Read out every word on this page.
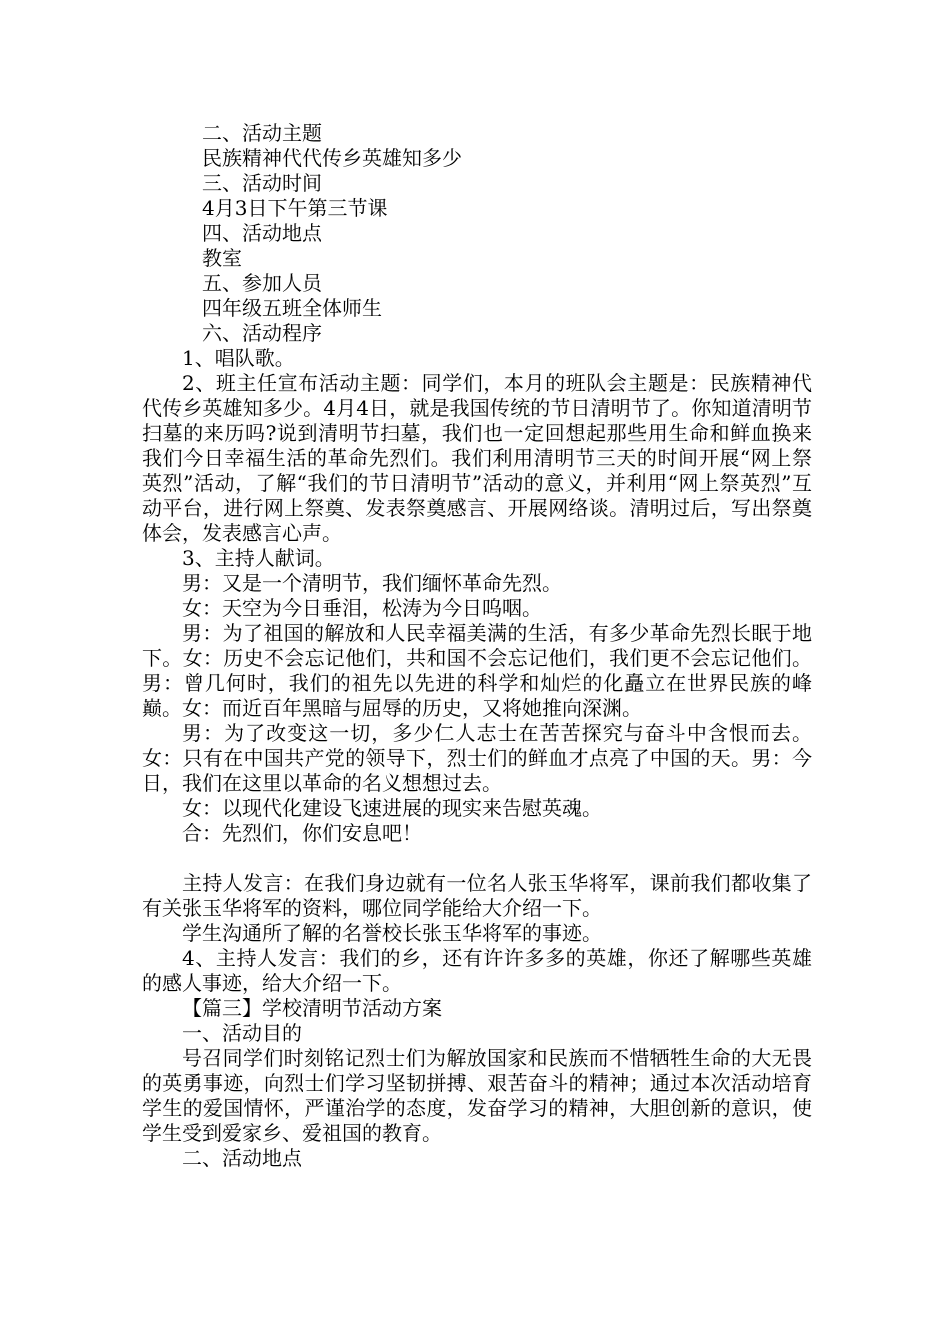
二、活动主题

民族精神代代传乡英雄知多少

三、活动时间

4月3日下午第三节课

四、活动地点

教室

五、参加人员

四年级五班全体师生

六、活动程序

1、唱队歌。

2、班主任宣布活动主题：同学们，本月的班队会主题是：民族精神代代传乡英雄知多少。4月4日，就是我国传统的节日清明节了。你知道清明节扫墓的来历吗?说到清明节扫墓，我们也一定回想起那些用生命和鲜血换来我们今日幸福生活的革命先烈们。我们利用清明节三天的时间开展“网上祭英烈”活动，了解“我们的节日清明节”活动的意义，并利用“网上祭英烈”互动平台，进行网上祭奠、发表祭奠感言、开展网络谈。清明过后，写出祭奠体会，发表感言心声。

3、主持人献词。

男：又是一个清明节，我们缅怀革命先烈。

女：天空为今日垂泪，松涛为今日呜咽。

男：为了祖国的解放和人民幸福美满的生活，有多少革命先烈长眠于地下。女：历史不会忘记他们，共和国不会忘记他们，我们更不会忘记他们。男：曾几何时，我们的祖先以先进的科学和灿烂的化矗立在世界民族的峰巅。女：而近百年黑暗与屈辱的历史，又将她推向深渊。

男：为了改变这一切，多少仁人志士在苦苦探究与奋斗中含恨而去。女：只有在中国共产党的领导下，烈士们的鲜血才点亮了中国的天。男：今日，我们在这里以革命的名义想想过去。

女：以现代化建设飞速进展的现实来告慰英魂。

合：先烈们，你们安息吧！

主持人发言：在我们身边就有一位名人张玉华将军，课前我们都收集了有关张玉华将军的资料，哪位同学能给大介绍一下。

学生沟通所了解的名誉校长张玉华将军的事迹。

4、主持人发言：我们的乡，还有许许多多的英雄，你还了解哪些英雄的感人事迹，给大介绍一下。

【篇三】学校清明节活动方案

一、活动目的

号召同学们时刻铭记烈士们为解放国家和民族而不惜牺牲生命的大无畏的英勇事迹，向烈士们学习坚韧拼搏、艰苦奋斗的精神；通过本次活动培育学生的爱国情怀，严谨治学的态度，发奋学习的精神，大胆创新的意识，使学生受到爱家乡、爱祖国的教育。

二、活动地点
